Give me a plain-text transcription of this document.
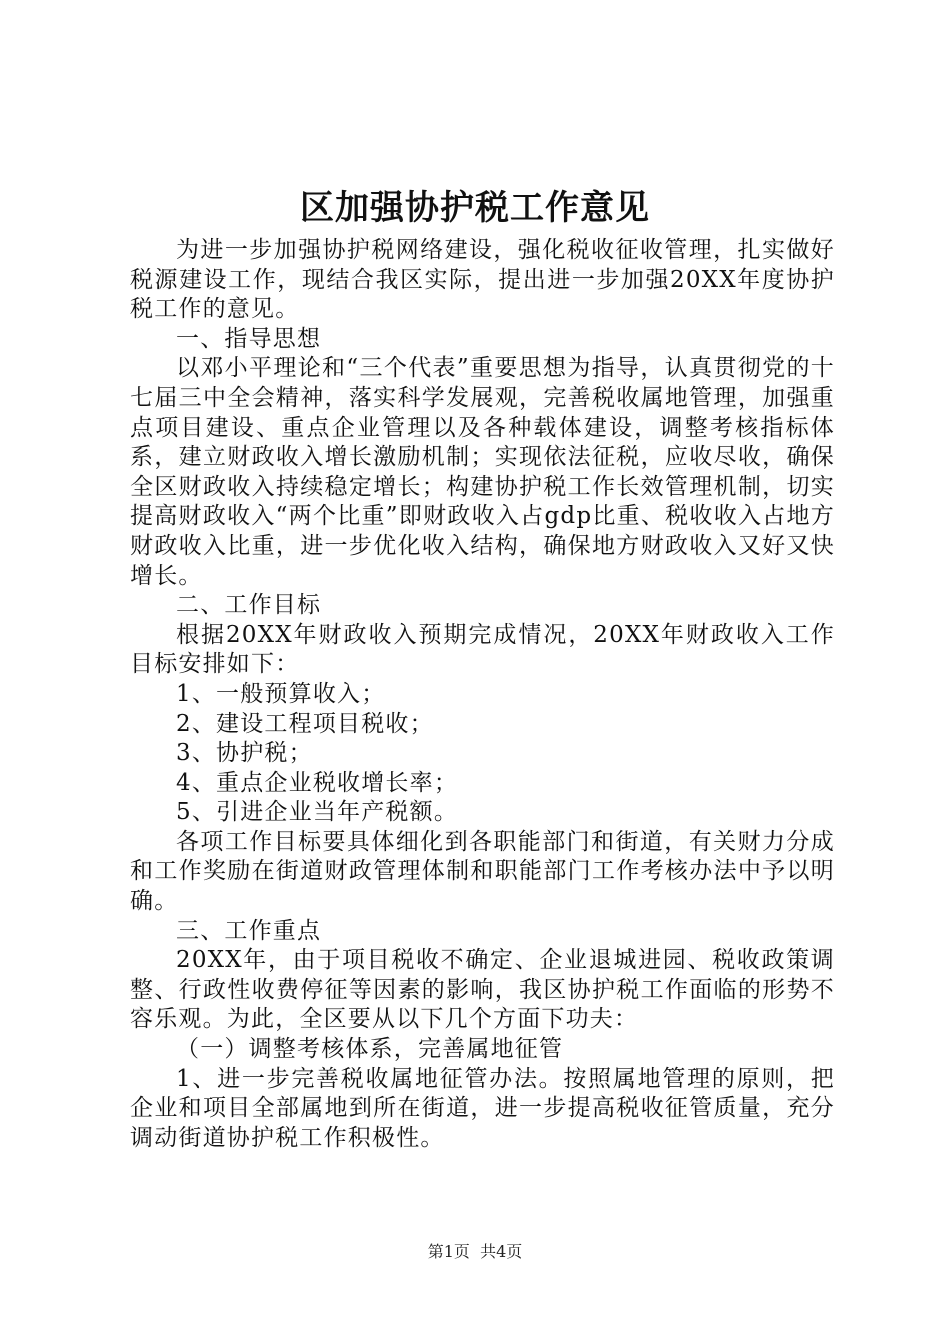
区加强协护税工作意见

为进一步加强协护税网络建设，强化税收征收管理，扎实做好税源建设工作，现结合我区实际，提出进一步加强20XX年度协护税工作的意见。

一、指导思想

以邓小平理论和“三个代表”重要思想为指导，认真贯彻党的十七届三中全会精神，落实科学发展观，完善税收属地管理，加强重点项目建设、重点企业管理以及各种载体建设，调整考核指标体系，建立财政收入增长激励机制；实现依法征税，应收尽收，确保全区财政收入持续稳定增长；构建协护税工作长效管理机制，切实提高财政收入“两个比重”即财政收入占gdp比重、税收收入占地方财政收入比重，进一步优化收入结构，确保地方财政收入又好又快增长。

二、工作目标

根据20XX年财政收入预期完成情况，20XX年财政收入工作目标安排如下：

1、一般预算收入；

2、建设工程项目税收；

3、协护税；

4、重点企业税收增长率；

5、引进企业当年产税额。

各项工作目标要具体细化到各职能部门和街道，有关财力分成和工作奖励在街道财政管理体制和职能部门工作考核办法中予以明确。

三、工作重点

20XX年，由于项目税收不确定、企业退城进园、税收政策调整、行政性收费停征等因素的影响，我区协护税工作面临的形势不容乐观。为此，全区要从以下几个方面下功夫：

（一）调整考核体系，完善属地征管

1、进一步完善税收属地征管办法。按照属地管理的原则，把企业和项目全部属地到所在街道，进一步提高税收征管质量，充分调动街道协护税工作积极性。

第1页  共4页
